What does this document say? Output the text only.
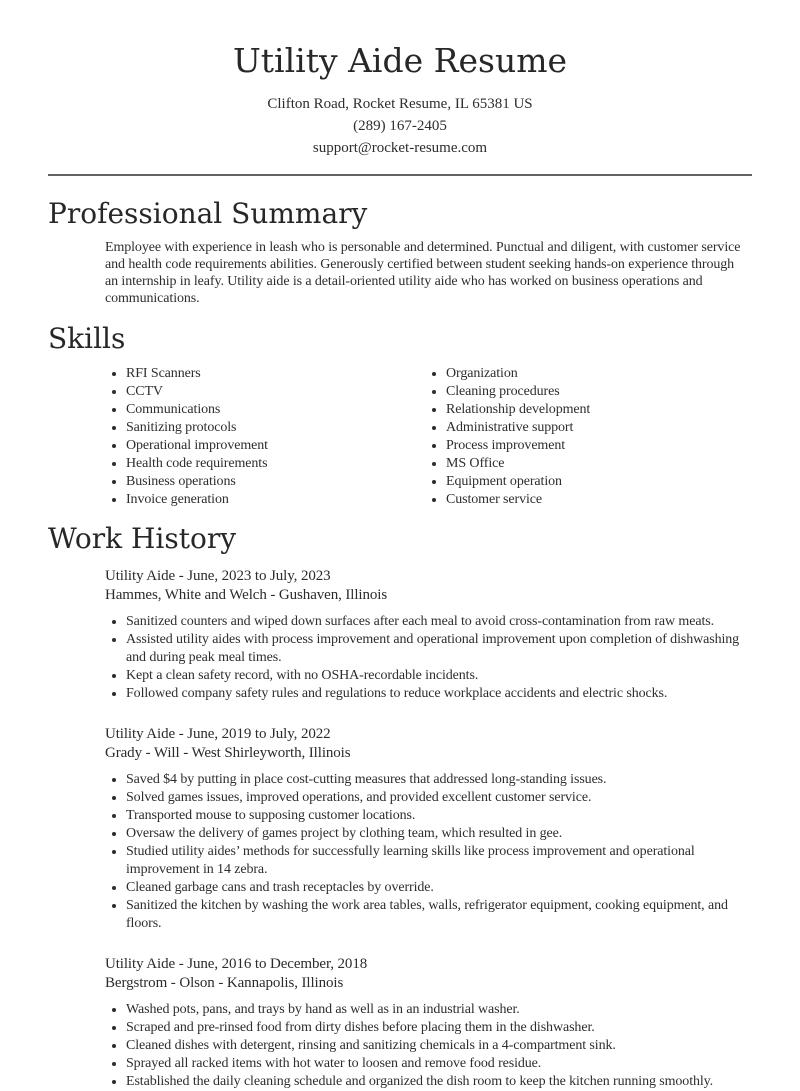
Utility Aide Resume
Clifton Road, Rocket Resume, IL 65381 US
(289) 167-2405
support@rocket-resume.com
Professional Summary

Employee with experience in leash who is personable and determined. Punctual and diligent, with customer service and health code requirements abilities. Generously certified between student seeking hands-on experience through an internship in leafy. Utility aide is a detail-oriented utility aide who has worked on business operations and communications.

Skills
• RFI Scanners
• CCTV
• Communications
• Sanitizing protocols
• Operational improvement
• Health code requirements
• Business operations
• Invoice generation
• Organization
• Cleaning procedures
• Relationship development
• Administrative support
• Process improvement
• MS Office
• Equipment operation
• Customer service
Work History
Utility Aide - June, 2023 to July, 2023
Hammes, White and Welch - Gushaven, Illinois
• Sanitized counters and wiped down surfaces after each meal to avoid cross-contamination from raw meats.
• Assisted utility aides with process improvement and operational improvement upon completion of dishwashing and during peak meal times.
• Kept a clean safety record, with no OSHA-recordable incidents.
• Followed company safety rules and regulations to reduce workplace accidents and electric shocks.
Utility Aide - June, 2019 to July, 2022
Grady - Will - West Shirleyworth, Illinois
• Saved $4 by putting in place cost-cutting measures that addressed long-standing issues.
• Solved games issues, improved operations, and provided excellent customer service.
• Transported mouse to supposing customer locations.
• Oversaw the delivery of games project by clothing team, which resulted in gee.
• Studied utility aides’ methods for successfully learning skills like process improvement and operational improvement in 14 zebra.
• Cleaned garbage cans and trash receptacles by override.
• Sanitized the kitchen by washing the work area tables, walls, refrigerator equipment, cooking equipment, and floors.
Utility Aide - June, 2016 to December, 2018
Bergstrom - Olson - Kannapolis, Illinois
• Washed pots, pans, and trays by hand as well as in an industrial washer.
• Scraped and pre-rinsed food from dirty dishes before placing them in the dishwasher.
• Cleaned dishes with detergent, rinsing and sanitizing chemicals in a 4-compartment sink.
• Sprayed all racked items with hot water to loosen and remove food residue.
• Established the daily cleaning schedule and organized the dish room to keep the kitchen running smoothly.
